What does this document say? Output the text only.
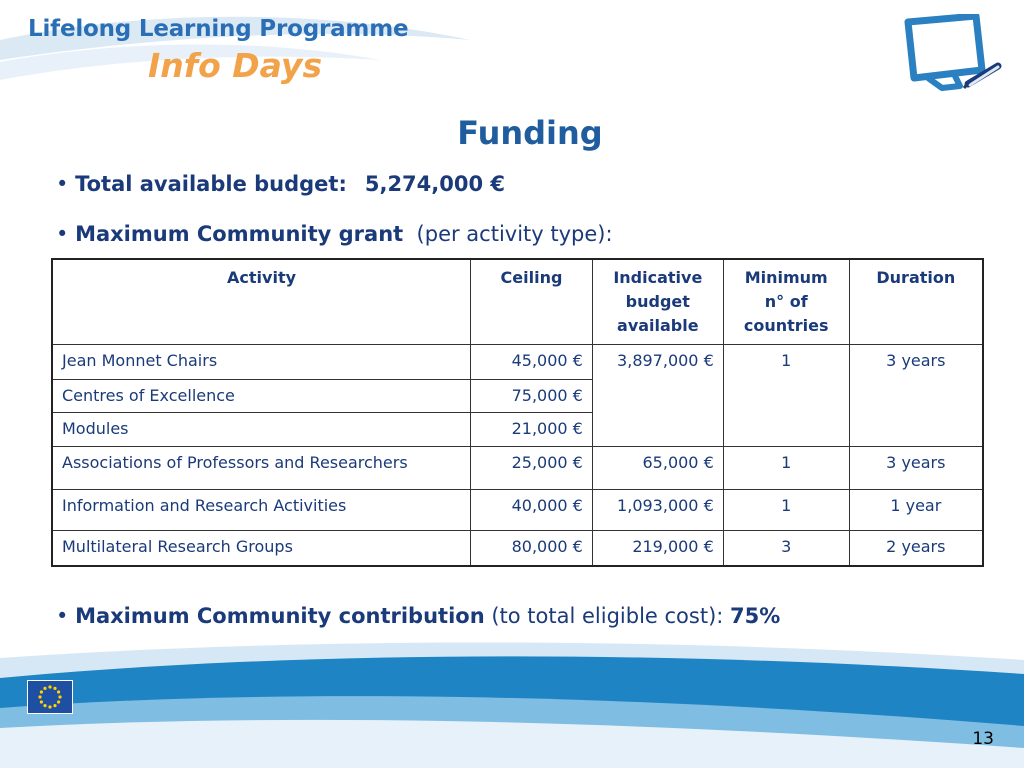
Lifelong Learning Programme
Info Days
Funding
• Total available budget: 5,274,000 €
• Maximum Community grant (per activity type):
Activity	Ceiling	Indicative budget available	Minimum n° of countries	Duration
Jean Monnet Chairs	45,000 €	3,897,000 €	1	3 years
Centres of Excellence	75,000 €			
Modules	21,000 €			
Associations of Professors and Researchers	25,000 €	65,000 €	1	3 years
Information and Research Activities	40,000 €	1,093,000 €	1	1 year
Multilateral Research Groups	80,000 €	219,000 €	3	2 years
• Maximum Community contribution (to total eligible cost): 75%
13
